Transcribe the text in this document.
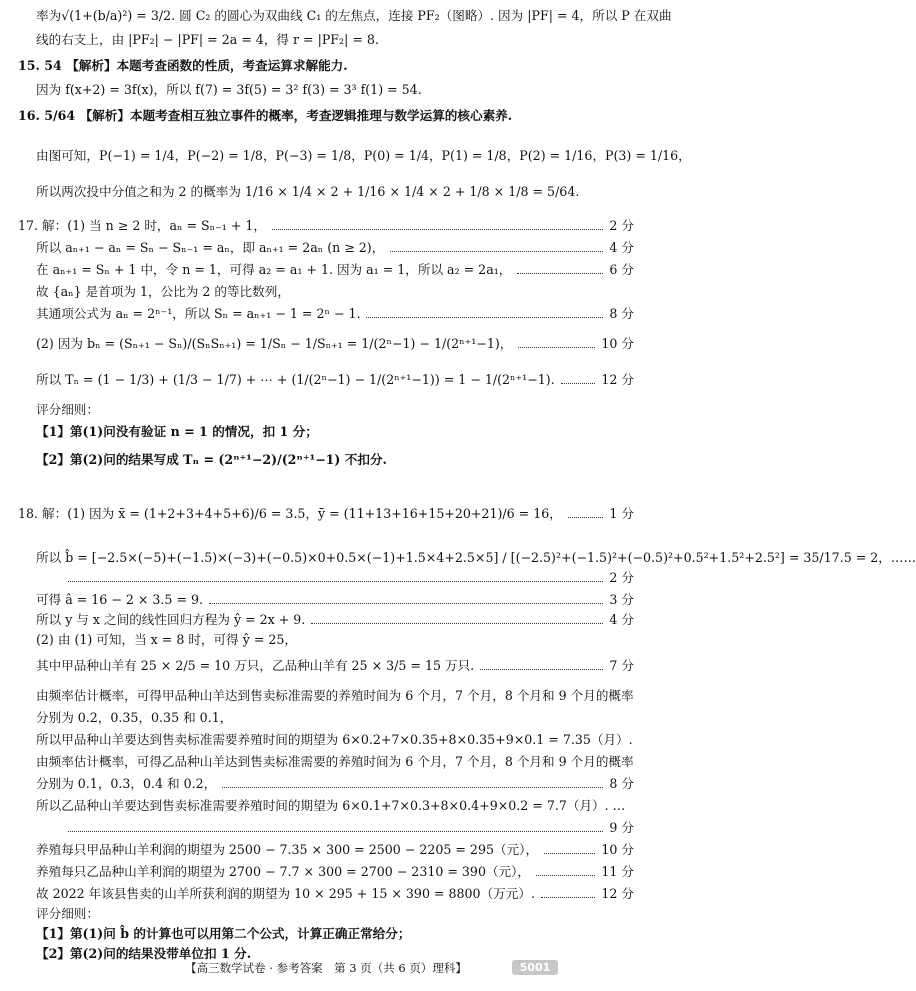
率为√(1+(b/a)²) = 3/2. 圆 C₂ 的圆心为双曲线 C₁ 的左焦点，连接 PF₂（图略）. 因为 |PF| = 4，所以 P 在双曲
线的右支上，由 |PF₂| − |PF| = 2a = 4，得 r = |PF₂| = 8.
15. 54 【解析】本题考查函数的性质，考查运算求解能力.
因为 f(x+2) = 3f(x)，所以 f(7) = 3f(5) = 3² f(3) = 3³ f(1) = 54.
16. 5/64 【解析】本题考查相互独立事件的概率，考查逻辑推理与数学运算的核心素养.
由图可知，P(−1) = 1/4，P(−2) = 1/8，P(−3) = 1/8，P(0) = 1/4，P(1) = 1/8，P(2) = 1/16，P(3) = 1/16，
所以两次投中分值之和为 2 的概率为 1/16 × 1/4 × 2 + 1/16 × 1/4 × 2 + 1/8 × 1/8 = 5/64.
17. 解：(1) 当 n ≥ 2 时，aₙ = Sₙ₋₁ + 1，	2 分
所以 aₙ₊₁ − aₙ = Sₙ − Sₙ₋₁ = aₙ，即 aₙ₊₁ = 2aₙ (n ≥ 2)，	4 分
在 aₙ₊₁ = Sₙ + 1 中，令 n = 1，可得 a₂ = a₁ + 1. 因为 a₁ = 1，所以 a₂ = 2a₁，	6 分
故 {aₙ} 是首项为 1，公比为 2 的等比数列，
其通项公式为 aₙ = 2ⁿ⁻¹，所以 Sₙ = aₙ₊₁ − 1 = 2ⁿ − 1.	8 分
(2) 因为 bₙ = (Sₙ₊₁ − Sₙ)/(SₙSₙ₊₁) = 1/Sₙ − 1/Sₙ₊₁ = 1/(2ⁿ−1) − 1/(2ⁿ⁺¹−1)，	10 分
所以 Tₙ = (1 − 1/3) + (1/3 − 1/7) + ⋯ + (1/(2ⁿ−1) − 1/(2ⁿ⁺¹−1)) = 1 − 1/(2ⁿ⁺¹−1).	12 分
评分细则：
【1】第(1)问没有验证 n = 1 的情况，扣 1 分；
【2】第(2)问的结果写成 Tₙ = (2ⁿ⁺¹−2)/(2ⁿ⁺¹−1) 不扣分.
18. 解：(1) 因为 x̄ = (1+2+3+4+5+6)/6 = 3.5，ȳ = (11+13+16+15+20+21)/6 = 16，	1 分
所以 b̂ = [−2.5×(−5)+(−1.5)×(−3)+(−0.5)×0+0.5×(−1)+1.5×4+2.5×5] / [(−2.5)²+(−1.5)²+(−0.5)²+0.5²+1.5²+2.5²] = 35/17.5 = 2，……
2 分
可得 â = 16 − 2 × 3.5 = 9.	3 分
所以 y 与 x 之间的线性回归方程为 ŷ = 2x + 9.	4 分
(2) 由 (1) 可知，当 x = 8 时，可得 ŷ = 25，
其中甲品种山羊有 25 × 2/5 = 10 万只，乙品种山羊有 25 × 3/5 = 15 万只.	7 分
由频率估计概率，可得甲品种山羊达到售卖标准需要的养殖时间为 6 个月，7 个月，8 个月和 9 个月的概率
分别为 0.2，0.35，0.35 和 0.1，
所以甲品种山羊要达到售卖标准需要养殖时间的期望为 6×0.2+7×0.35+8×0.35+9×0.1 = 7.35（月）.
由频率估计概率，可得乙品种山羊达到售卖标准需要的养殖时间为 6 个月，7 个月，8 个月和 9 个月的概率
分别为 0.1，0.3，0.4 和 0.2，	8 分
所以乙品种山羊要达到售卖标准需要养殖时间的期望为 6×0.1+7×0.3+8×0.4+9×0.2 = 7.7（月）. …
9 分
养殖每只甲品种山羊利润的期望为 2500 − 7.35 × 300 = 2500 − 2205 = 295（元），	10 分
养殖每只乙品种山羊利润的期望为 2700 − 7.7 × 300 = 2700 − 2310 = 390（元），	11 分
故 2022 年该县售卖的山羊所获利润的期望为 10 × 295 + 15 × 390 = 8800（万元）.	12 分
评分细则：
【1】第(1)问 b̂ 的计算也可以用第二个公式，计算正确正常给分；
【2】第(2)问的结果没带单位扣 1 分.
【高三数学试卷 · 参考答案　第 3 页（共 6 页）理科】	5001
